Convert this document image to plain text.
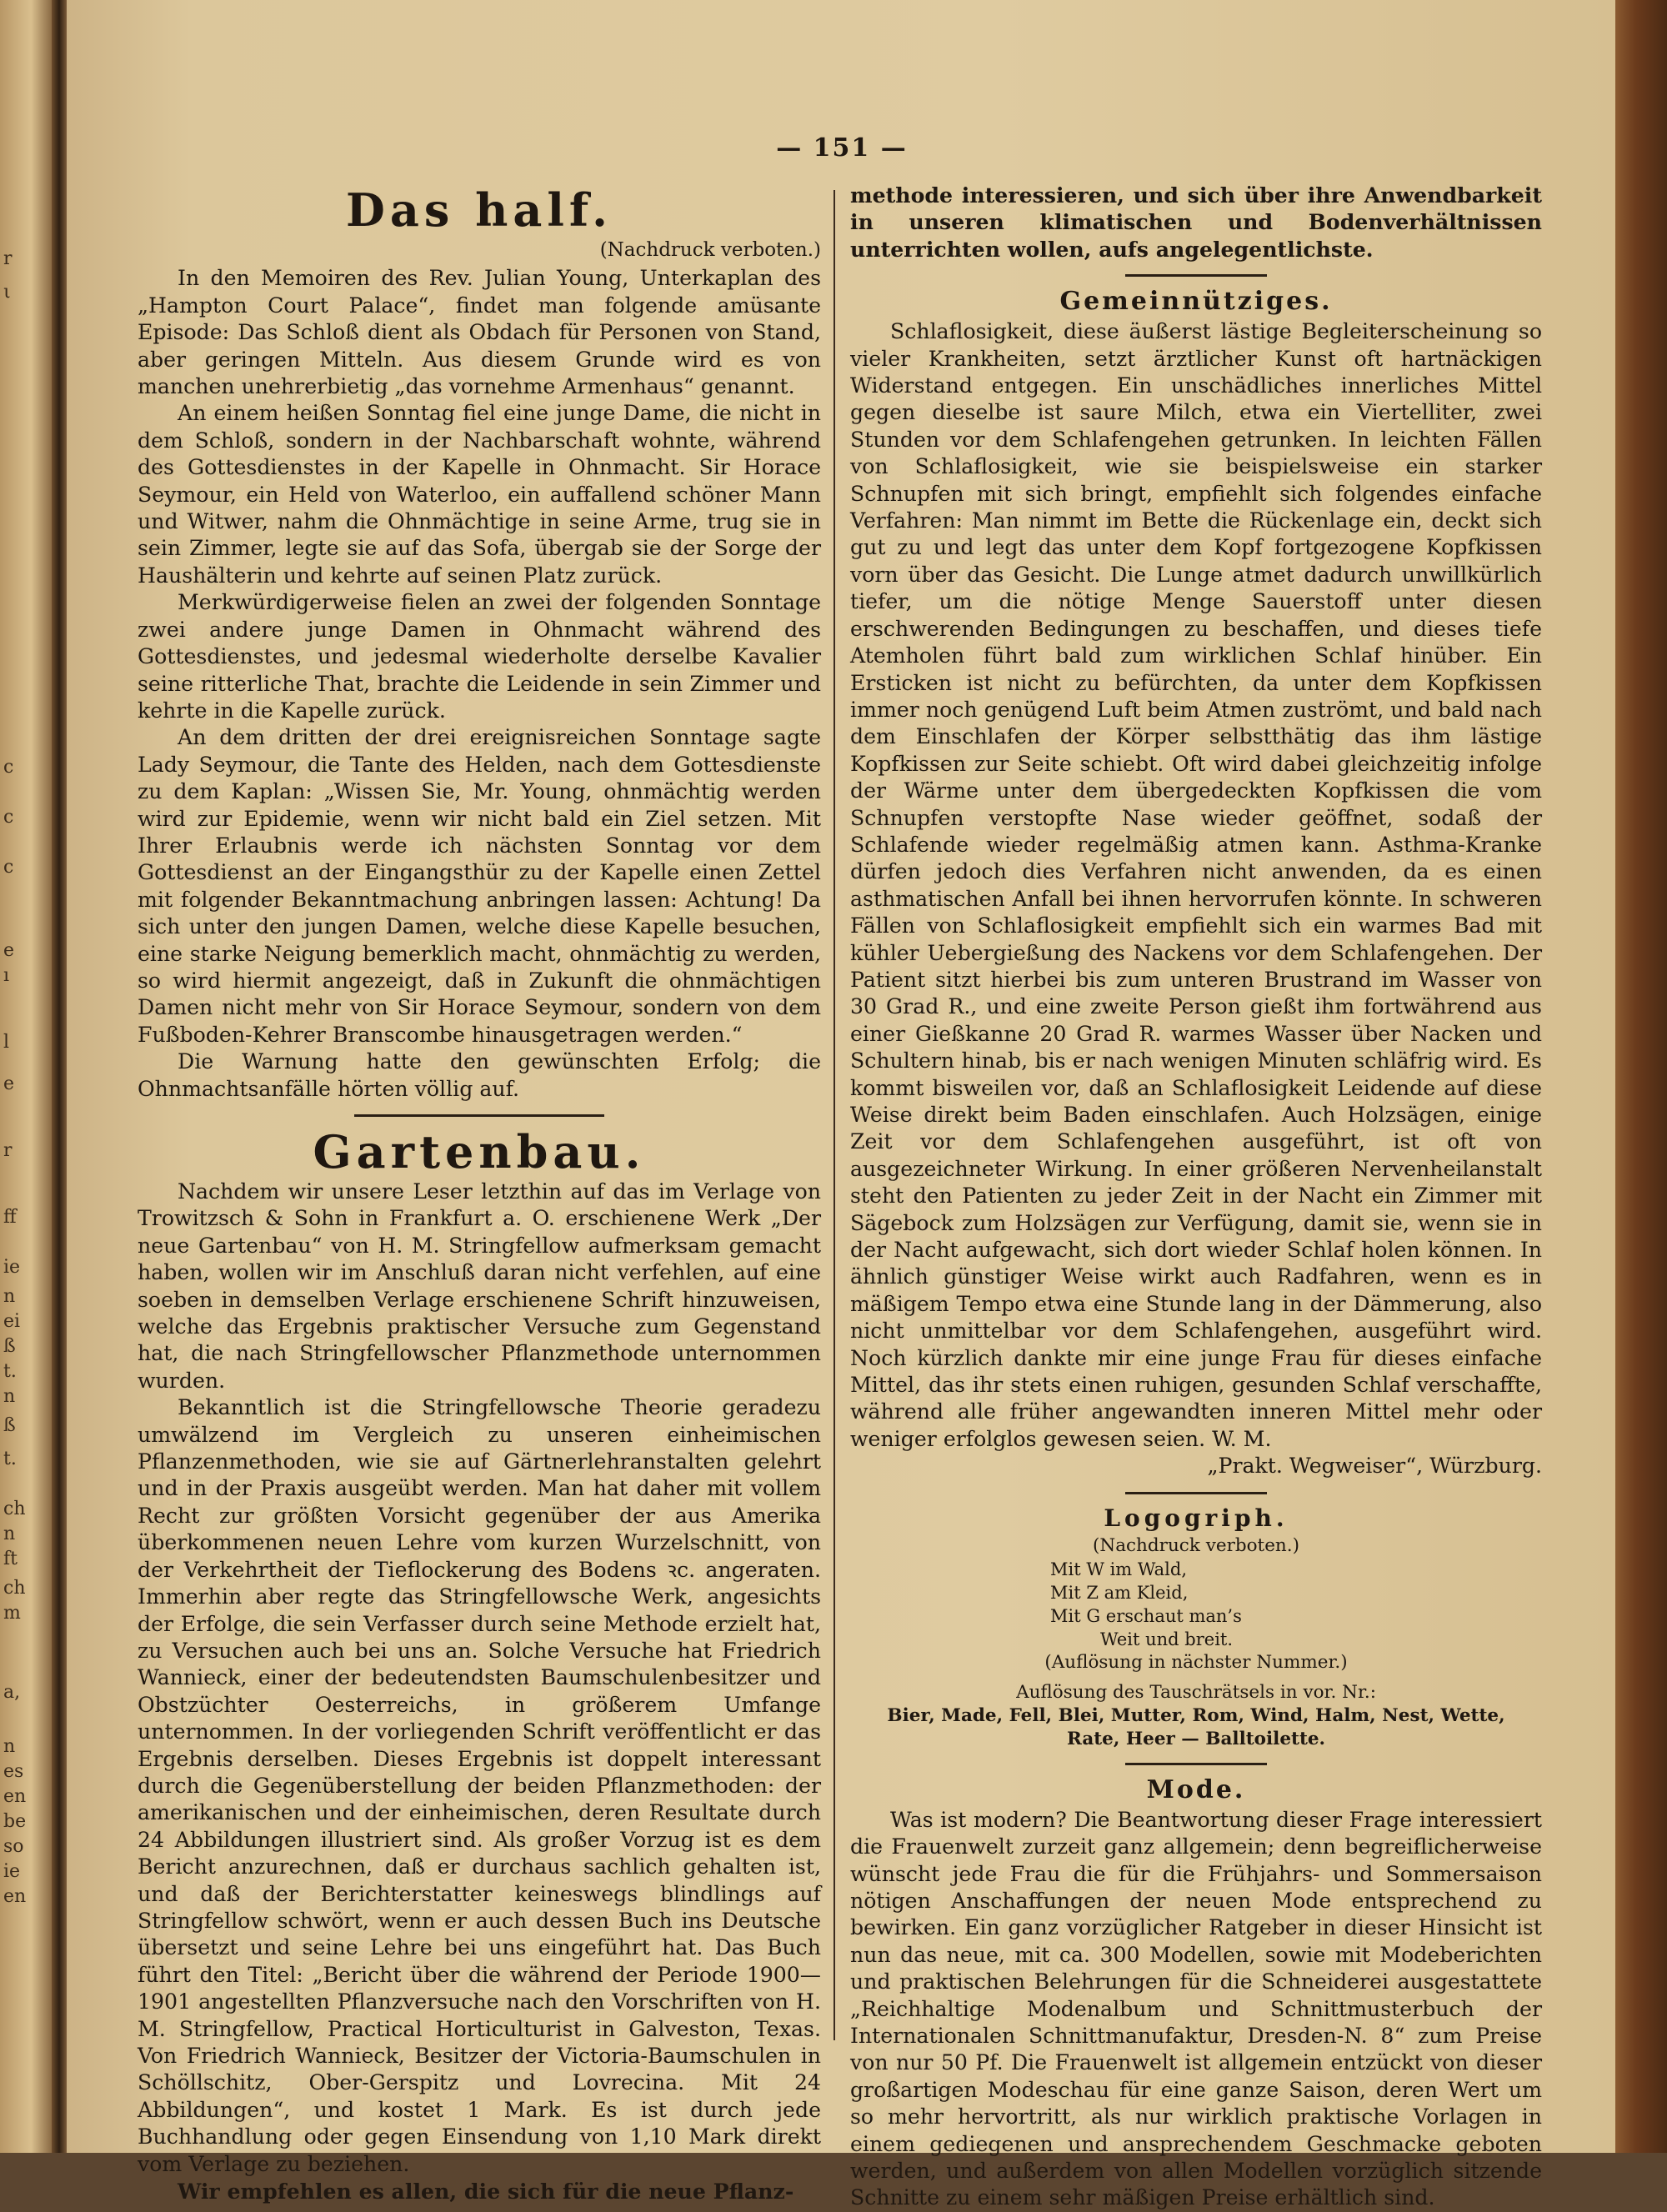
r
ι
c
c
c
e
ı
l
e
r
ff
ie
n
ei
ß
t.
n
ß
t.
ch
n
ft
ch
m
a,
n
es
en
be
so
ie
en
— 151 —
Das half.

(Nachdruck verboten.)

In den Memoiren des Rev. Julian Young, Unterkaplan des „Hampton Court Palace“, findet man folgende amüsante Episode: Das Schloß dient als Obdach für Personen von Stand, aber geringen Mitteln. Aus diesem Grunde wird es von manchen unehrerbietig „das vornehme Armenhaus“ genannt.

An einem heißen Sonntag fiel eine junge Dame, die nicht in dem Schloß, sondern in der Nachbarschaft wohnte, während des Gottesdienstes in der Kapelle in Ohnmacht. Sir Horace Seymour, ein Held von Waterloo, ein auffallend schöner Mann und Witwer, nahm die Ohnmächtige in seine Arme, trug sie in sein Zimmer, legte sie auf das Sofa, übergab sie der Sorge der Haushälterin und kehrte auf seinen Platz zurück.

Merkwürdigerweise fielen an zwei der folgenden Sonntage zwei andere junge Damen in Ohnmacht während des Gottesdienstes, und jedesmal wiederholte derselbe Kavalier seine ritterliche That, brachte die Leidende in sein Zimmer und kehrte in die Kapelle zurück.

An dem dritten der drei ereignisreichen Sonntage sagte Lady Seymour, die Tante des Helden, nach dem Gottesdienste zu dem Kaplan: „Wissen Sie, Mr. Young, ohnmächtig werden wird zur Epidemie, wenn wir nicht bald ein Ziel setzen. Mit Ihrer Erlaubnis werde ich nächsten Sonntag vor dem Gottesdienst an der Eingangsthür zu der Kapelle einen Zettel mit folgender Bekanntmachung anbringen lassen: Achtung! Da sich unter den jungen Damen, welche diese Kapelle besuchen, eine starke Neigung bemerklich macht, ohnmächtig zu werden, so wird hiermit angezeigt, daß in Zukunft die ohnmächtigen Damen nicht mehr von Sir Horace Seymour, sondern von dem Fußboden-Kehrer Branscombe hinausgetragen werden.“

Die Warnung hatte den gewünschten Erfolg; die Ohnmachtsanfälle hörten völlig auf.

Gartenbau.

Nachdem wir unsere Leser letzthin auf das im Verlage von Trowitzsch & Sohn in Frankfurt a. O. erschienene Werk „Der neue Gartenbau“ von H. M. Stringfellow aufmerksam gemacht haben, wollen wir im Anschluß daran nicht verfehlen, auf eine soeben in demselben Verlage erschienene Schrift hinzuweisen, welche das Ergebnis praktischer Versuche zum Gegenstand hat, die nach Stringfellowscher Pflanzmethode unternommen wurden.

Bekanntlich ist die Stringfellowsche Theorie geradezu umwälzend im Vergleich zu unseren einheimischen Pflanzenmethoden, wie sie auf Gärtnerlehranstalten gelehrt und in der Praxis ausgeübt werden. Man hat daher mit vollem Recht zur größten Vorsicht gegenüber der aus Amerika überkommenen neuen Lehre vom kurzen Wurzelschnitt, von der Verkehrtheit der Tieflockerung des Bodens ꝛc. angeraten. Immerhin aber regte das Stringfellowsche Werk, angesichts der Erfolge, die sein Verfasser durch seine Methode erzielt hat, zu Versuchen auch bei uns an. Solche Versuche hat Friedrich Wannieck, einer der bedeutendsten Baumschulenbesitzer und Obstzüchter Oesterreichs, in größerem Umfange unternommen. In der vorliegenden Schrift veröffentlicht er das Ergebnis derselben. Dieses Ergebnis ist doppelt interessant durch die Gegenüberstellung der beiden Pflanzmethoden: der amerikanischen und der einheimischen, deren Resultate durch 24 Abbildungen illustriert sind. Als großer Vorzug ist es dem Bericht anzurechnen, daß er durchaus sachlich gehalten ist, und daß der Berichterstatter keineswegs blindlings auf Stringfellow schwört, wenn er auch dessen Buch ins Deutsche übersetzt und seine Lehre bei uns eingeführt hat. Das Buch führt den Titel: „Bericht über die während der Periode 1900—1901 angestellten Pflanzversuche nach den Vorschriften von H. M. Stringfellow, Practical Horticulturist in Galveston, Texas. Von Friedrich Wannieck, Besitzer der Victoria-Baumschulen in Schöllschitz, Ober-Gerspitz und Lovrecina. Mit 24 Abbildungen“, und kostet 1 Mark. Es ist durch jede Buchhandlung oder gegen Einsendung von 1,10 Mark direkt vom Verlage zu beziehen.

Wir empfehlen es allen, die sich für die neue Pflanz-

methode interessieren, und sich über ihre Anwendbarkeit in unseren klimatischen und Bodenverhältnissen unterrichten wollen, aufs angelegentlichste.

Gemeinnütziges.

Schlaflosigkeit, diese äußerst lästige Begleiterscheinung so vieler Krankheiten, setzt ärztlicher Kunst oft hartnäckigen Widerstand entgegen. Ein unschädliches innerliches Mittel gegen dieselbe ist saure Milch, etwa ein Viertelliter, zwei Stunden vor dem Schlafengehen getrunken. In leichten Fällen von Schlaflosigkeit, wie sie beispielsweise ein starker Schnupfen mit sich bringt, empfiehlt sich folgendes einfache Verfahren: Man nimmt im Bette die Rückenlage ein, deckt sich gut zu und legt das unter dem Kopf fortgezogene Kopfkissen vorn über das Gesicht. Die Lunge atmet dadurch unwillkürlich tiefer, um die nötige Menge Sauerstoff unter diesen erschwerenden Bedingungen zu beschaffen, und dieses tiefe Atemholen führt bald zum wirklichen Schlaf hinüber. Ein Ersticken ist nicht zu befürchten, da unter dem Kopfkissen immer noch genügend Luft beim Atmen zuströmt, und bald nach dem Einschlafen der Körper selbstthätig das ihm lästige Kopfkissen zur Seite schiebt. Oft wird dabei gleichzeitig infolge der Wärme unter dem übergedeckten Kopfkissen die vom Schnupfen verstopfte Nase wieder geöffnet, sodaß der Schlafende wieder regelmäßig atmen kann. Asthma-Kranke dürfen jedoch dies Verfahren nicht anwenden, da es einen asthmatischen Anfall bei ihnen hervorrufen könnte. In schweren Fällen von Schlaflosigkeit empfiehlt sich ein warmes Bad mit kühler Uebergießung des Nackens vor dem Schlafengehen. Der Patient sitzt hierbei bis zum unteren Brustrand im Wasser von 30 Grad R., und eine zweite Person gießt ihm fortwährend aus einer Gießkanne 20 Grad R. warmes Wasser über Nacken und Schultern hinab, bis er nach wenigen Minuten schläfrig wird. Es kommt bisweilen vor, daß an Schlaflosigkeit Leidende auf diese Weise direkt beim Baden einschlafen. Auch Holzsägen, einige Zeit vor dem Schlafengehen ausgeführt, ist oft von ausgezeichneter Wirkung. In einer größeren Nervenheilanstalt steht den Patienten zu jeder Zeit in der Nacht ein Zimmer mit Sägebock zum Holzsägen zur Verfügung, damit sie, wenn sie in der Nacht aufgewacht, sich dort wieder Schlaf holen können. In ähnlich günstiger Weise wirkt auch Radfahren, wenn es in mäßigem Tempo etwa eine Stunde lang in der Dämmerung, also nicht unmittelbar vor dem Schlafengehen, ausgeführt wird. Noch kürzlich dankte mir eine junge Frau für dieses einfache Mittel, das ihr stets einen ruhigen, gesunden Schlaf verschaffte, während alle früher angewandten inneren Mittel mehr oder weniger erfolglos gewesen seien. W. M.

„Prakt. Wegweiser“, Würzburg.

Logogriph.

(Nachdruck verboten.)

Mit W im Wald,

Mit Z am Kleid,

Mit G erschaut man’s

Weit und breit.

(Auflösung in nächster Nummer.)

Auflösung des Tauschrätsels in vor. Nr.:

Bier, Made, Fell, Blei, Mutter, Rom, Wind, Halm, Nest, Wette,

Rate, Heer — Balltoilette.

Mode.

Was ist modern? Die Beantwortung dieser Frage interessiert die Frauenwelt zurzeit ganz allgemein; denn begreiflicherweise wünscht jede Frau die für die Frühjahrs- und Sommersaison nötigen Anschaffungen der neuen Mode entsprechend zu bewirken. Ein ganz vorzüglicher Ratgeber in dieser Hinsicht ist nun das neue, mit ca. 300 Modellen, sowie mit Modeberichten und praktischen Belehrungen für die Schneiderei ausgestattete „Reichhaltige Modenalbum und Schnittmusterbuch der Internationalen Schnittmanufaktur, Dresden-N. 8“ zum Preise von nur 50 Pf. Die Frauenwelt ist allgemein entzückt von dieser großartigen Modeschau für eine ganze Saison, deren Wert um so mehr hervortritt, als nur wirklich praktische Vorlagen in einem gediegenen und ansprechendem Geschmacke geboten werden, und außerdem von allen Modellen vorzüglich sitzende Schnitte zu einem sehr mäßigen Preise erhältlich sind.
